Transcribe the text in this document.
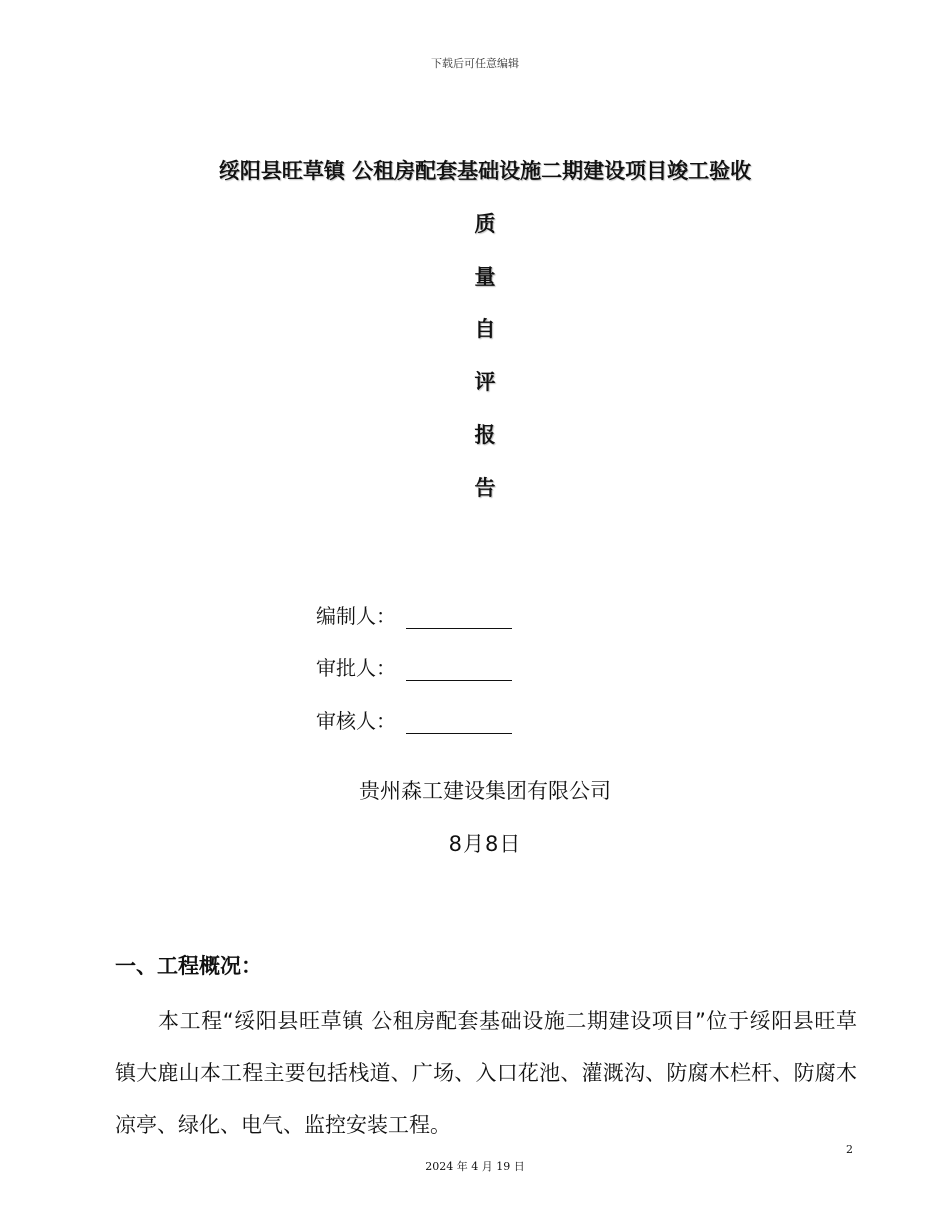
下载后可任意编辑
绥阳县旺草镇 公租房配套基础设施二期建设项目竣工验收
质
量
自
评
报
告
编制人：
审批人：
审核人：
贵州森工建设集团有限公司
8月8日
一、工程概况：

本工程“绥阳县旺草镇 公租房配套基础设施二期建设项目”位于绥阳县旺草镇大鹿山本工程主要包括栈道、广场、入口花池、灌溉沟、防腐木栏杆、防腐木凉亭、绿化、电气、监控安装工程。

2
2024 年 4 月 19 日
